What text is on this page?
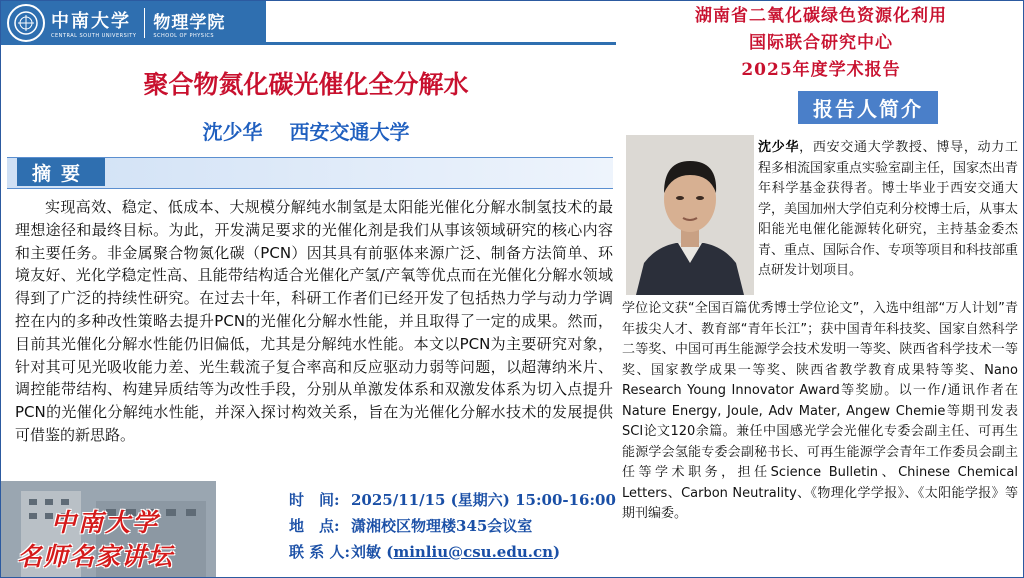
中南大学
CENTRAL SOUTH UNIVERSITY
物理学院
SCHOOL OF PHYSICS
湖南省二氧化碳绿色资源化利用
国际联合研究中心
2025年度学术报告
聚合物氮化碳光催化全分解水
沈少华 西安交通大学
摘要
实现高效、稳定、低成本、大规模分解纯水制氢是太阳能光催化分解水制氢技术的最理想途径和最终目标。为此，开发满足要求的光催化剂是我们从事该领域研究的核心内容和主要任务。非金属聚合物氮化碳（PCN）因其具有前驱体来源广泛、制备方法简单、环境友好、光化学稳定性高、且能带结构适合光催化产氢/产氧等优点而在光催化分解水领域得到了广泛的持续性研究。在过去十年，科研工作者们已经开发了包括热力学与动力学调控在内的多种改性策略去提升PCN的光催化分解水性能，并且取得了一定的成果。然而，目前其光催化分解水性能仍旧偏低，尤其是分解纯水性能。本文以PCN为主要研究对象，针对其可见光吸收能力差、光生载流子复合率高和反应驱动力弱等问题，以超薄纳米片、调控能带结构、构建异质结等为改性手段，分别从单激发体系和双激发体系为切入点提升PCN的光催化分解纯水性能，并深入探讨构效关系，旨在为光催化分解水技术的发展提供可借鉴的新思路。
报告人简介
沈少华，西安交通大学教授、博导，动力工程多相流国家重点实验室副主任，国家杰出青年科学基金获得者。博士毕业于西安交通大学，美国加州大学伯克利分校博士后，从事太阳能光电催化能源转化研究，主持基金委杰青、重点、国际合作、专项等项目和科技部重点研发计划项目。
学位论文获“全国百篇优秀博士学位论文”，入选中组部“万人计划”青年拔尖人才、教育部“青年长江”；获中国青年科技奖、国家自然科学二等奖、中国可再生能源学会技术发明一等奖、陕西省科学技术一等奖、国家教学成果一等奖、陕西省教学教育成果特等奖、Nano Research Young Innovator Award等奖励。以一作/通讯作者在Nature Energy, Joule, Adv Mater, Angew Chemie等期刊发表SCI论文120余篇。兼任中国感光学会光催化专委会副主任、可再生能源学会氢能专委会副秘书长、可再生能源学会青年工作委员会副主任等学术职务，担任Science Bulletin、Chinese Chemical Letters、Carbon Neutrality、《物理化学学报》、《太阳能学报》等期刊编委。
中南大学
名师名家讲坛
时　间: 2025/11/15 (星期六) 15:00-16:00
地　点: 潇湘校区物理楼345会议室
联 系 人: 刘敏 ( minliu@csu.edu.cn )
